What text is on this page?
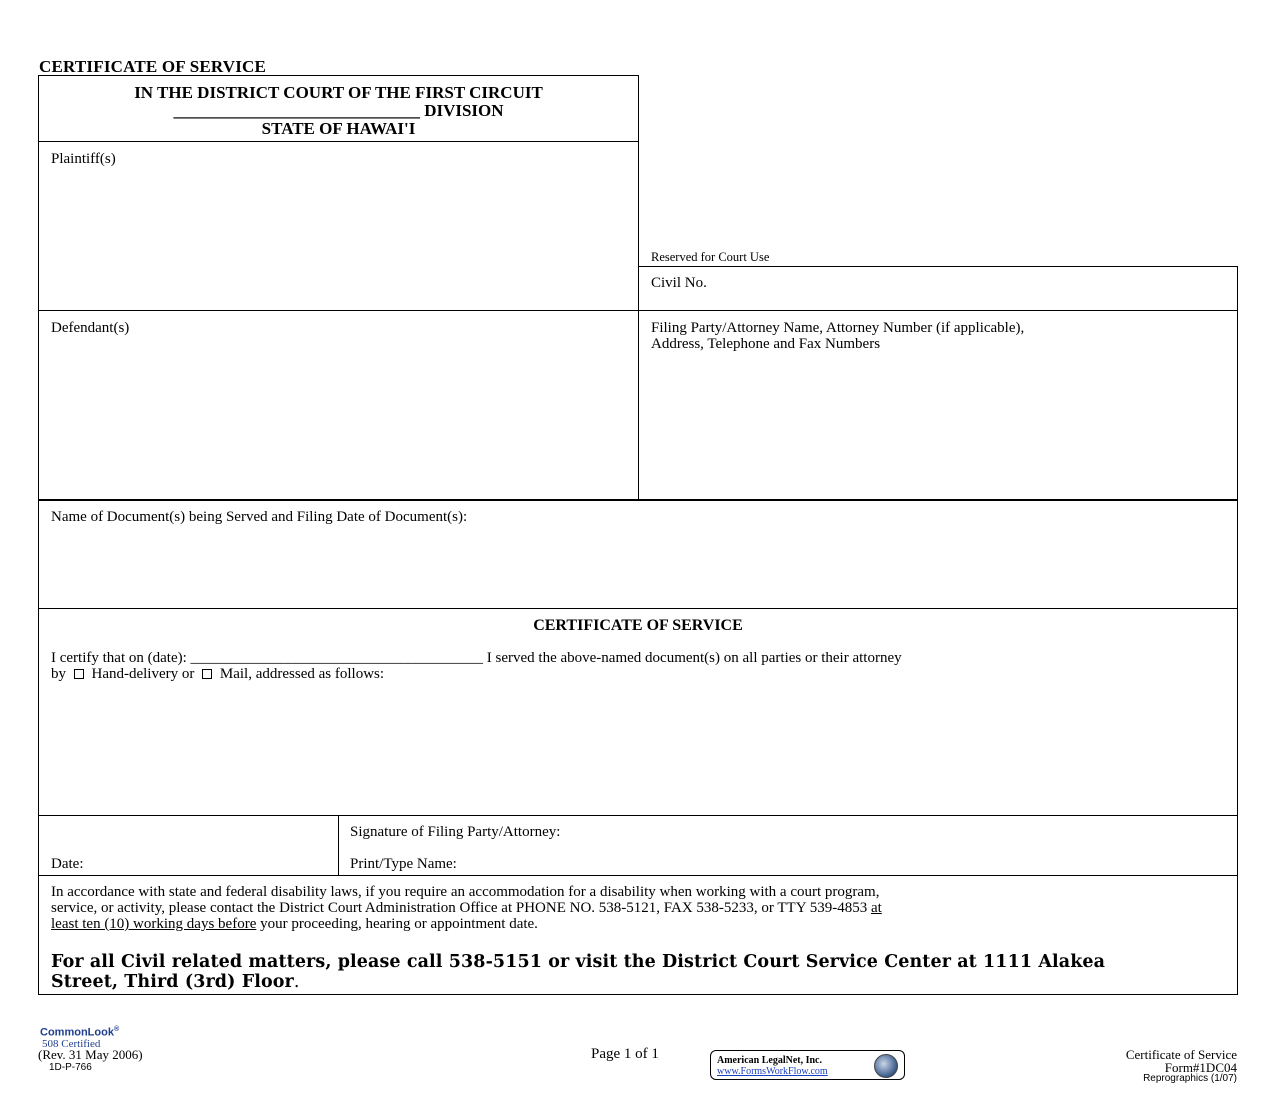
CERTIFICATE OF SERVICE
IN THE DISTRICT COURT OF THE FIRST CIRCUIT
_____________________________ DIVISION
STATE OF HAWAI'I
Plaintiff(s)
Defendant(s)
Reserved for Court Use
Civil No.
Filing Party/Attorney Name, Attorney Number (if applicable),
Address, Telephone and Fax Numbers
Name of Document(s) being Served and Filing Date of Document(s):
CERTIFICATE OF SERVICE
I certify that on (date): _______________________________________ I served the above-named document(s) on all parties or their attorney
by Hand-delivery or Mail, addressed as follows:
Signature of Filing Party/Attorney:
Date:	Print/Type Name:
In accordance with state and federal disability laws, if you require an accommodation for a disability when working with a court program,
service, or activity, please contact the District Court Administration Office at PHONE NO. 538-5121, FAX 538-5233, or TTY 539-4853 at
least ten (10) working days before your proceeding, hearing or appointment date.
For all Civil related matters, please call 538-5151 or visit the District Court Service Center at 1111 Alakea
Street, Third (3rd) Floor.
CommonLook®
508 Certified
(Rev. 31 May 2006)
1D-P-766
Page 1 of 1	American LegalNet, Inc.
www.FormsWorkFlow.com
Certificate of Service
Form#1DC04
Reprographics (1/07)
